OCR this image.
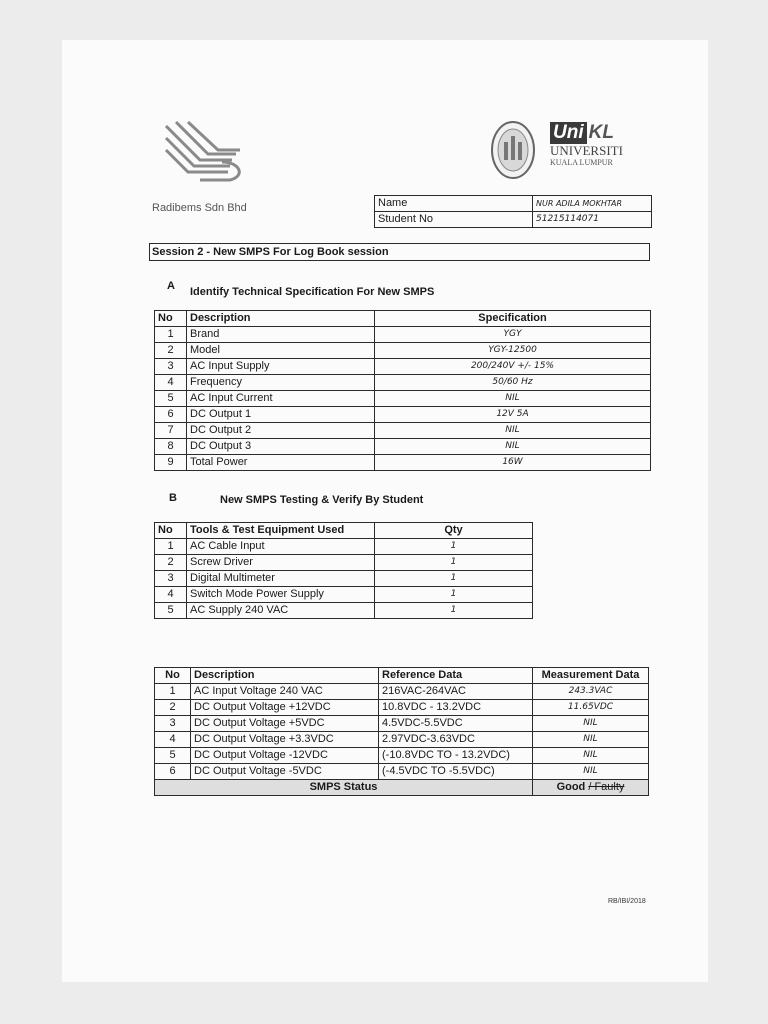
Radibems Sdn Bhd
Uni KL
UNIVERSITI
KUALA LUMPUR
Name	NUR ADILA MOKHTAR
Student No	51215114071
Session 2 - New SMPS For Log Book session
A Identify Technical Specification For New SMPS
No	Description	Specification
1	Brand	YGY
2	Model	YGY-12500
3	AC Input Supply	200/240V +/- 15%
4	Frequency	50/60 Hz
5	AC Input Current	NIL
6	DC Output 1	12V 5A
7	DC Output 2	NIL
8	DC Output 3	NIL
9	Total Power	16W
B	New SMPS Testing & Verify By Student
No	Tools & Test Equipment Used	Qty
1	AC Cable Input	1
2	Screw Driver	1
3	Digital Multimeter	1
4	Switch Mode Power Supply	1
5	AC Supply 240 VAC	1
No	Description	Reference Data	Measurement Data
1	AC Input Voltage 240 VAC	216VAC-264VAC	243.3VAC
2	DC Output Voltage +12VDC	10.8VDC - 13.2VDC	11.65VDC
3	DC Output Voltage +5VDC	4.5VDC-5.5VDC	NIL
4	DC Output Voltage +3.3VDC	2.97VDC-3.63VDC	NIL
5	DC Output Voltage -12VDC	(-10.8VDC TO - 13.2VDC)	NIL
6	DC Output Voltage -5VDC	(-4.5VDC TO -5.5VDC)	NIL
SMPS Status			Good / Faulty
RB/IBI/2018
